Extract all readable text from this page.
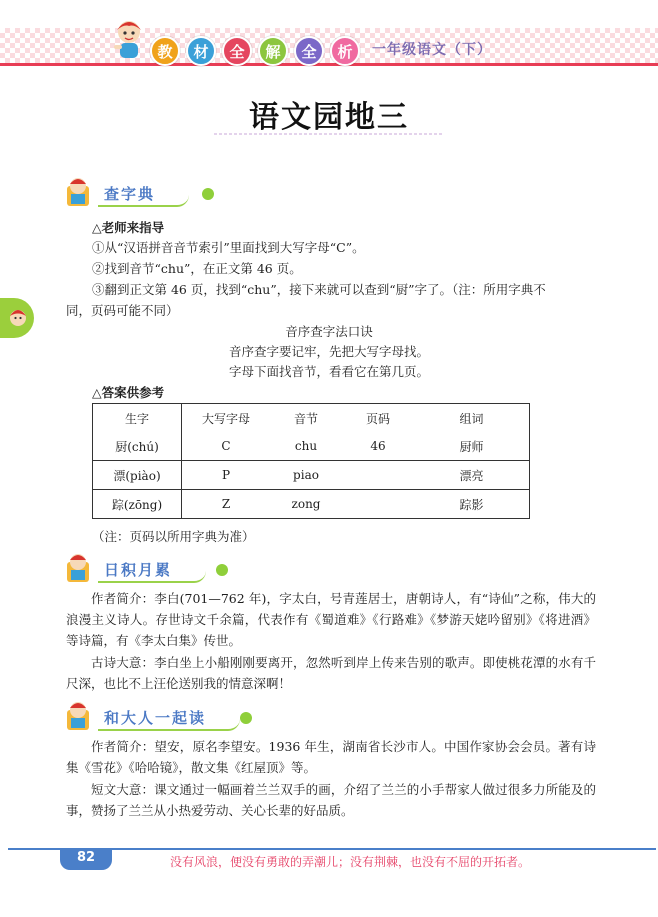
教	材	全	解	全	析	一年级语文（下）
语文园地三
查字典
△老师来指导
①从“汉语拼音音节索引”里面找到大写字母“C”。
②找到音节“chu”，在正文第 46 页。
③翻到正文第 46 页，找到“chu”，接下来就可以查到“厨”字了。（注：所用字典不
同，页码可能不同）
音序查字法口诀
音序查字要记牢，先把大写字母找。
字母下面找音节，看看它在第几页。
△答案供参考
生字	大写字母	音节	页码	组词
厨(chú)	C	chu	46	厨师
漂(piào)	P	piao		漂亮
踪(zōng)	Z	zong		踪影
（注：页码以所用字典为准）
日积月累
作者简介：李白(701—762 年)，字太白，号青莲居士，唐朝诗人，有“诗仙”之称，伟大的浪漫主义诗人。存世诗文千余篇，代表作有《蜀道难》《行路难》《梦游天姥吟留别》《将进酒》等诗篇，有《李太白集》传世。
古诗大意：李白坐上小船刚刚要离开，忽然听到岸上传来告别的歌声。即使桃花潭的水有千尺深，也比不上汪伦送别我的情意深啊！
和大人一起读
作者简介：望安，原名李望安。1936 年生，湖南省长沙市人。中国作家协会会员。著有诗集《雪花》《哈哈镜》，散文集《红屋顶》等。
短文大意：课文通过一幅画着兰兰双手的画，介绍了兰兰的小手帮家人做过很多力所能及的事，赞扬了兰兰从小热爱劳动、关心长辈的好品质。
82	没有风浪，便没有勇敢的弄潮儿；没有荆棘，也没有不屈的开拓者。
